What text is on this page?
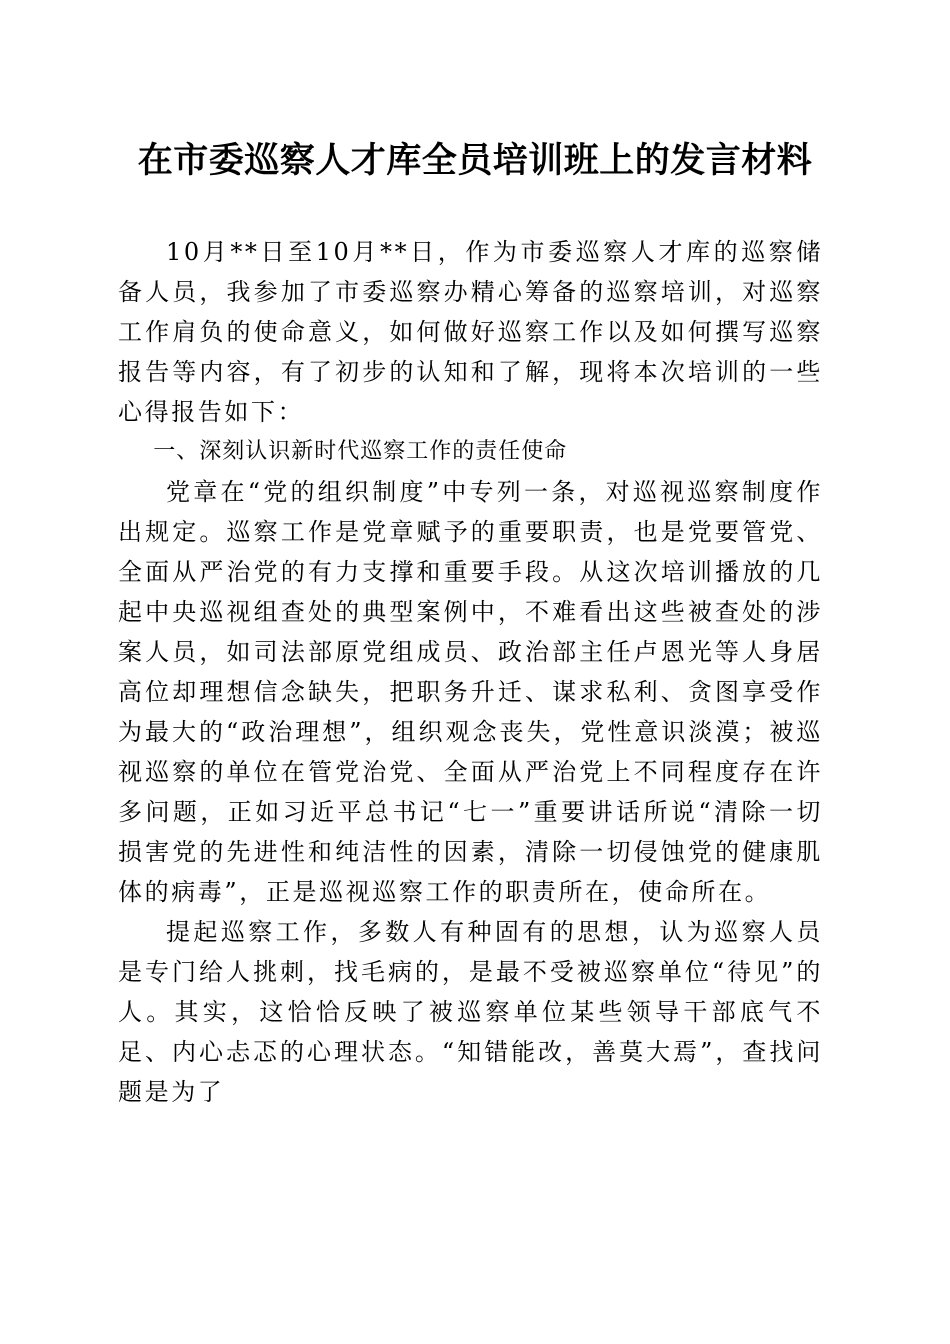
在市委巡察人才库全员培训班上的发言材料

10月**日至10月**日，作为市委巡察人才库的巡察储备人员，我参加了市委巡察办精心筹备的巡察培训，对巡察工作肩负的使命意义，如何做好巡察工作以及如何撰写巡察报告等内容，有了初步的认知和了解，现将本次培训的一些心得报告如下：

一、深刻认识新时代巡察工作的责任使命

党章在“党的组织制度”中专列一条，对巡视巡察制度作出规定。巡察工作是党章赋予的重要职责，也是党要管党、全面从严治党的有力支撑和重要手段。从这次培训播放的几起中央巡视组查处的典型案例中，不难看出这些被查处的涉案人员，如司法部原党组成员、政治部主任卢恩光等人身居高位却理想信念缺失，把职务升迁、谋求私利、贪图享受作为最大的“政治理想”，组织观念丧失，党性意识淡漠；被巡视巡察的单位在管党治党、全面从严治党上不同程度存在许多问题，正如习近平总书记“七一”重要讲话所说“清除一切损害党的先进性和纯洁性的因素，清除一切侵蚀党的健康肌体的病毒”，正是巡视巡察工作的职责所在，使命所在。

提起巡察工作，多数人有种固有的思想，认为巡察人员是专门给人挑刺，找毛病的，是最不受被巡察单位“待见”的人。其实，这恰恰反映了被巡察单位某些领导干部底气不足、内心忐忑的心理状态。“知错能改，善莫大焉”，查找问题是为了
